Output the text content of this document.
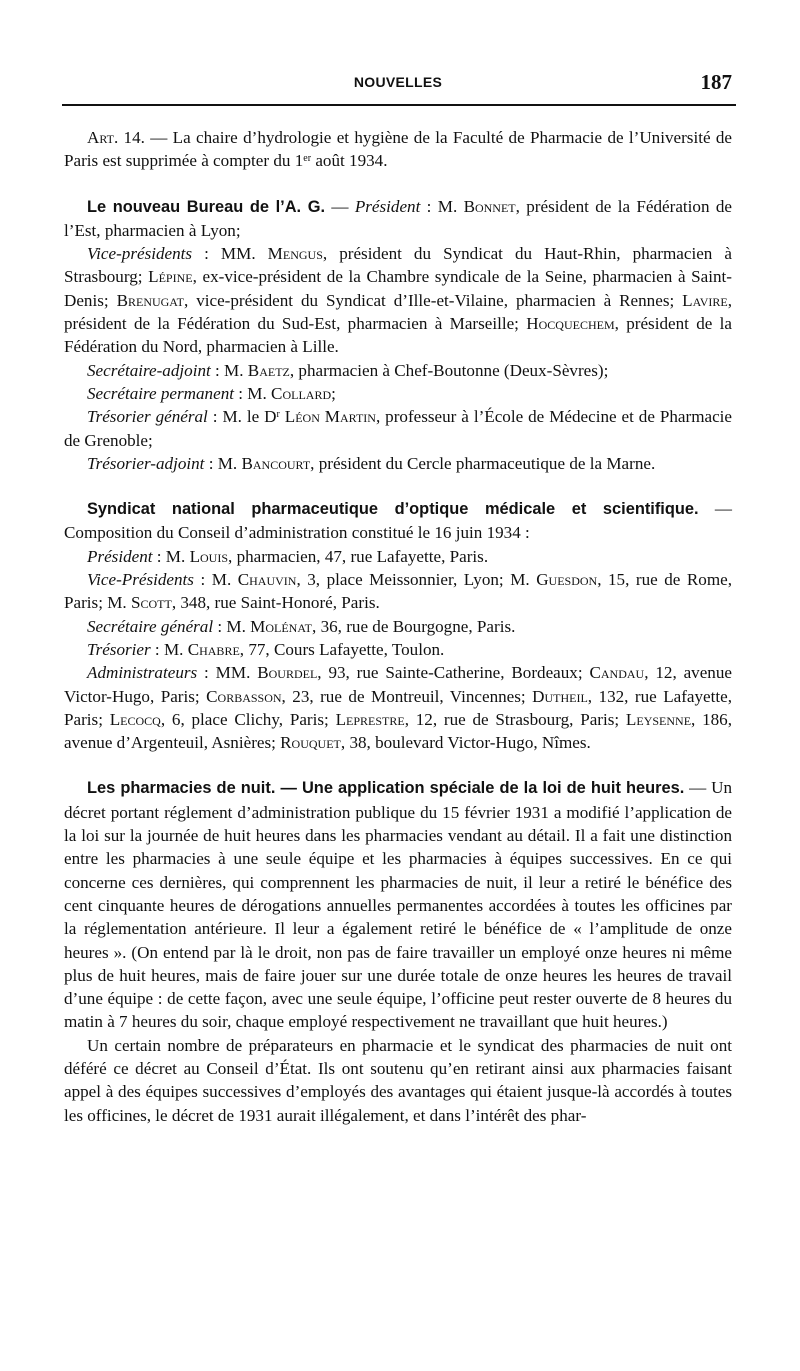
NOUVELLES	187

Art. 14. — La chaire d’hydrologie et hygiène de la Faculté de Pharmacie de l’Université de Paris est supprimée à compter du 1er août 1934.

Le nouveau Bureau de l’A. G. — Président : M. Bonnet, président de la Fédération de l’Est, pharmacien à Lyon;

Vice-présidents : MM. Mengus, président du Syndicat du Haut-Rhin, pharmacien à Strasbourg; Lépine, ex-vice-président de la Chambre syndicale de la Seine, pharmacien à Saint-Denis; Brenugat, vice-président du Syndicat d’Ille-et-Vilaine, pharmacien à Rennes; Lavire, président de la Fédération du Sud-Est, pharmacien à Marseille; Hocquechem, président de la Fédération du Nord, pharmacien à Lille.

Secrétaire-adjoint : M. Baetz, pharmacien à Chef-Boutonne (Deux-Sèvres);

Secrétaire permanent : M. Collard;

Trésorier général : M. le $D^r$ Léon Martin, professeur à l’École de Médecine et de Pharmacie de Grenoble;

Trésorier-adjoint : M. Bancourt, président du Cercle pharmaceutique de la Marne.

Syndicat national pharmaceutique d’optique médicale et scientifique. — Composition du Conseil d’administration constitué le 16 juin 1934 :

Président : M. Louis, pharmacien, 47, rue Lafayette, Paris.

Vice-Présidents : M. Chauvin, 3, place Meissonnier, Lyon; M. Guesdon, 15, rue de Rome, Paris; M. Scott, 348, rue Saint-Honoré, Paris.

Secrétaire général : M. Molénat, 36, rue de Bourgogne, Paris.

Trésorier : M. Chabre, 77, Cours Lafayette, Toulon.

Administrateurs : MM. Bourdel, 93, rue Sainte-Catherine, Bordeaux; Candau, 12, avenue Victor-Hugo, Paris; Corbasson, 23, rue de Montreuil, Vincennes; Dutheil, 132, rue Lafayette, Paris; Lecocq, 6, place Clichy, Paris; Leprestre, 12, rue de Strasbourg, Paris; Leysenne, 186, avenue d’Argenteuil, Asnières; Rouquet, 38, boulevard Victor-Hugo, Nîmes.

Les pharmacies de nuit. — Une application spéciale de la loi de huit heures. — Un décret portant réglement d’administration publique du 15 février 1931 a modifié l’application de la loi sur la journée de huit heures dans les pharmacies vendant au détail. Il a fait une distinction entre les pharmacies à une seule équipe et les pharmacies à équipes successives. En ce qui concerne ces dernières, qui comprennent les pharmacies de nuit, il leur a retiré le bénéfice des cent cinquante heures de dérogations annuelles permanentes accordées à toutes les officines par la réglementation antérieure. Il leur a également retiré le bénéfice de « l’amplitude de onze heures ». (On entend par là le droit, non pas de faire travailler un employé onze heures ni même plus de huit heures, mais de faire jouer sur une durée totale de onze heures les heures de travail d’une équipe : de cette façon, avec une seule équipe, l’officine peut rester ouverte de 8 heures du matin à 7 heures du soir, chaque employé respectivement ne travaillant que huit heures.)

Un certain nombre de préparateurs en pharmacie et le syndicat des pharmacies de nuit ont déféré ce décret au Conseil d’État. Ils ont soutenu qu’en retirant ainsi aux pharmacies faisant appel à des équipes successives d’employés des avantages qui étaient jusque-là accordés à toutes les officines, le décret de 1931 aurait illégalement, et dans l’intérêt des phar-
